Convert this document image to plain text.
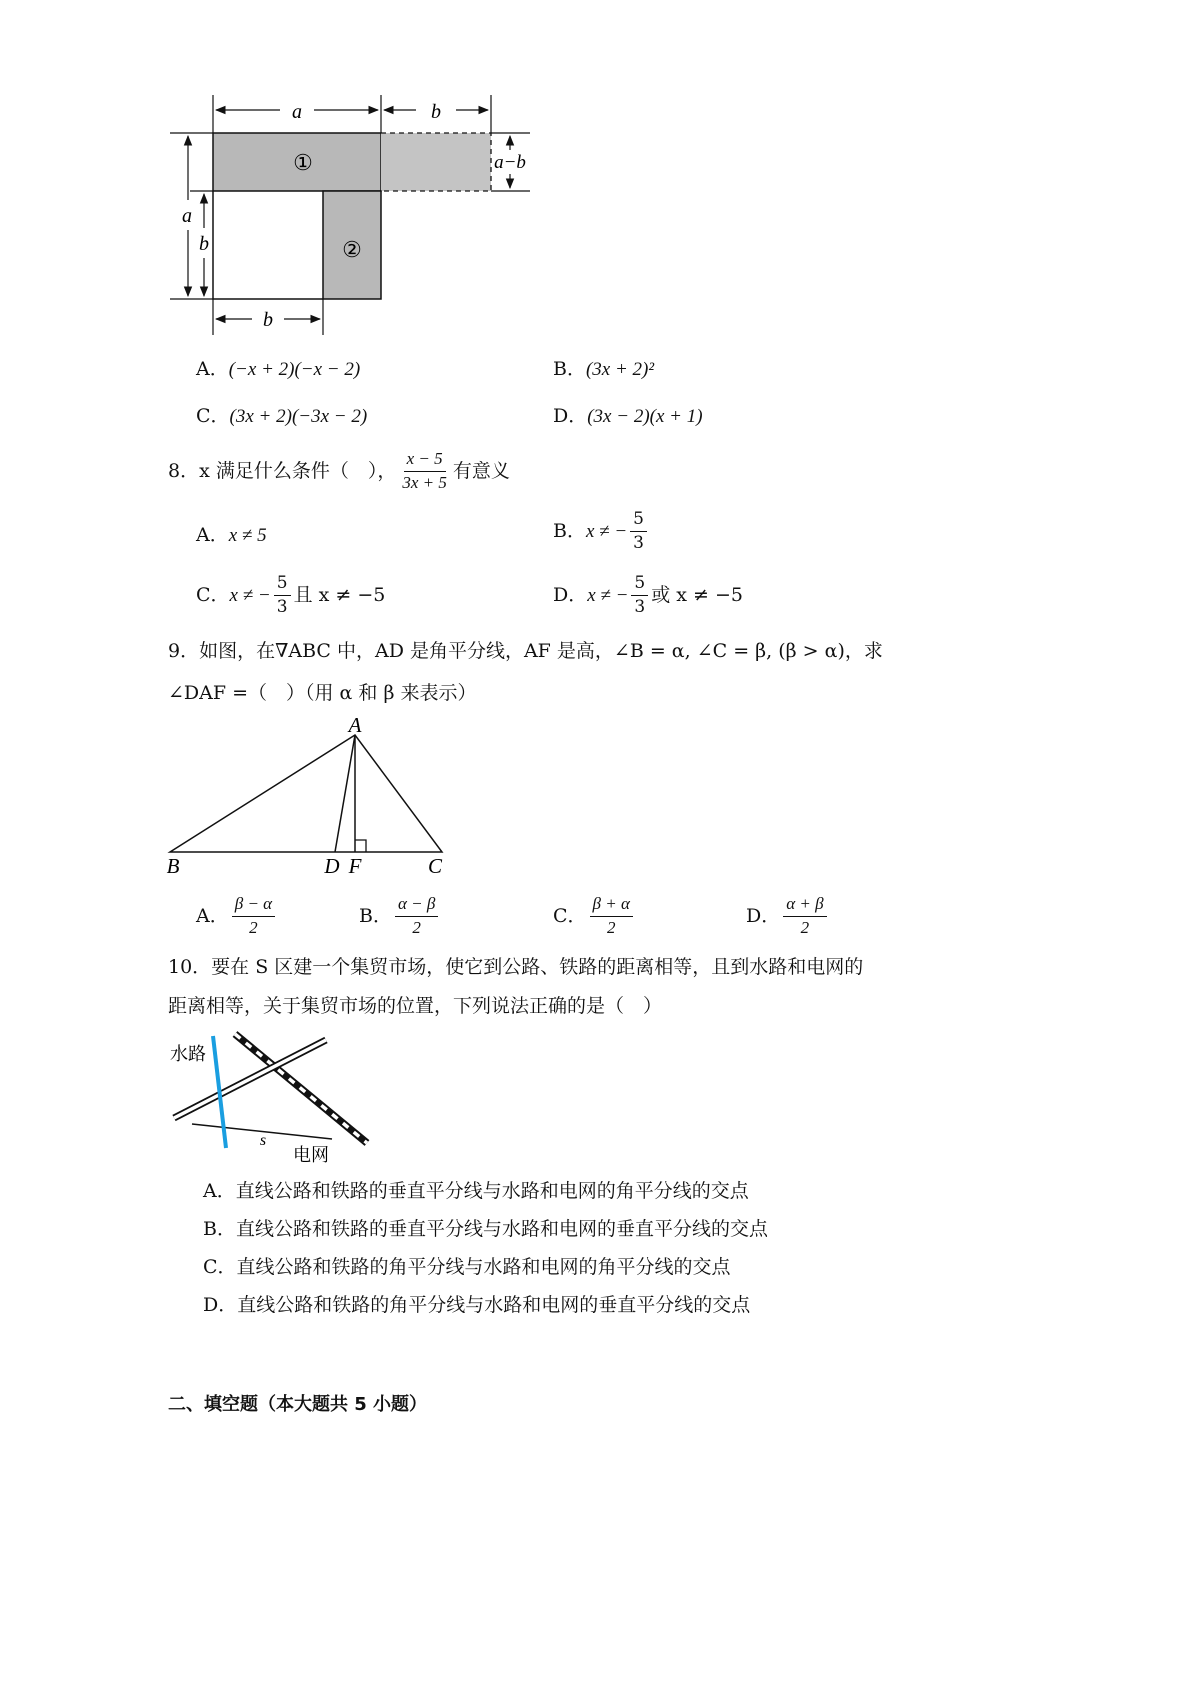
a	b
a−b
a
b
b
①
②
A．(−x + 2)(−x − 2)	B．(3x + 2)²
C．(3x + 2)(−3x − 2)	D．(3x − 2)(x + 1)
8． x 满足什么条件（　）， $\frac{x - 5}{3x + 5}$ 有意义
A．x ≠ 5	B． x ≠ − $\frac{5}{3}$
C． x ≠ − $\frac{5}{3}$ 且 x ≠ −5	D． x ≠ − $\frac{5}{3}$ 或 x ≠ −5
9．如图，在∇ABC 中，AD 是角平分线，AF 是高，∠B = α, ∠C = β, (β > α)，求
∠DAF =（　）（用 α 和 β 来表示）
A
B	D F	C
A． $\frac{\beta - \alpha}{2}$	B． $\frac{\alpha - \beta}{2}$	C． $\frac{\beta + \alpha}{2}$	D． $\frac{\alpha + \beta}{2}$
10．要在 S 区建一个集贸市场，使它到公路、铁路的距离相等，且到水路和电网的
距离相等，关于集贸市场的位置，下列说法正确的是（　）
水路
电网
s
A．直线公路和铁路的垂直平分线与水路和电网的角平分线的交点
B．直线公路和铁路的垂直平分线与水路和电网的垂直平分线的交点
C．直线公路和铁路的角平分线与水路和电网的角平分线的交点
D．直线公路和铁路的角平分线与水路和电网的垂直平分线的交点
二、填空题（本大题共 5 小题）
